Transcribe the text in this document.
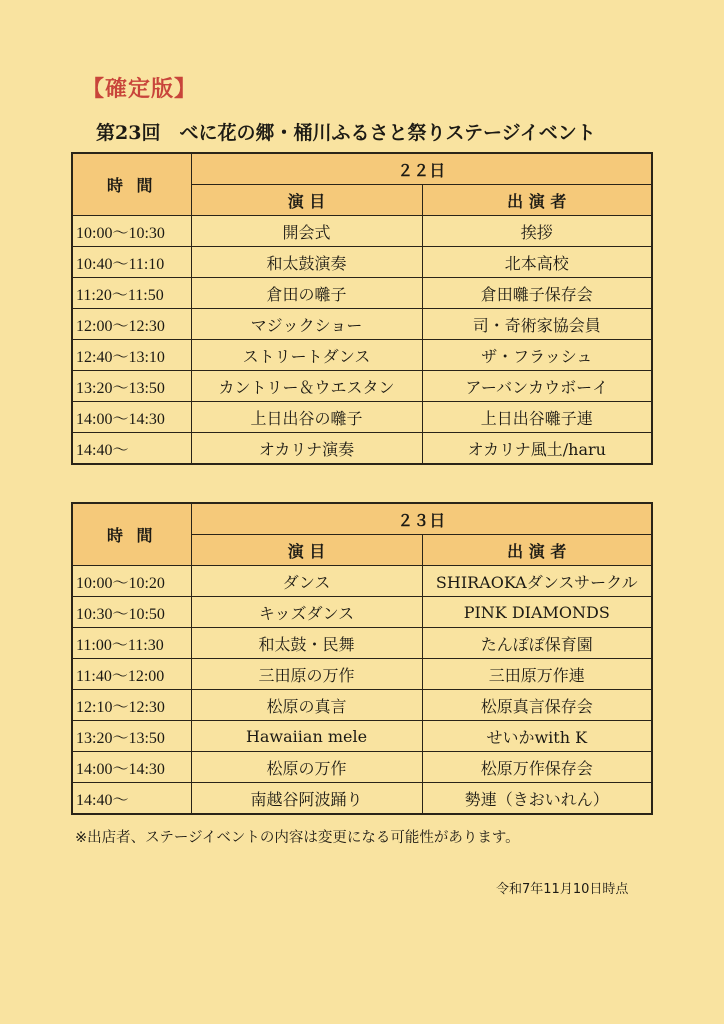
【確定版】
第23回　べに花の郷・桶川ふるさと祭りステージイベント
時 間	２２日	
	演 目	出 演 者
10:00～10:30	開会式	挨拶
10:40～11:10	和太鼓演奏	北本高校
11:20～11:50	倉田の囃子	倉田囃子保存会
12:00～12:30	マジックショー	司・奇術家協会員
12:40～13:10	ストリートダンス	ザ・フラッシュ
13:20～13:50	カントリー＆ウエスタン	アーバンカウボーイ
14:00～14:30	上日出谷の囃子	上日出谷囃子連
14:40～	オカリナ演奏	オカリナ風土/haru
時 間	２３日	
	演 目	出 演 者
10:00～10:20	ダンス	SHIRAOKAダンスサークル
10:30～10:50	キッズダンス	PINK DIAMONDS
11:00～11:30	和太鼓・民舞	たんぽぽ保育園
11:40～12:00	三田原の万作	三田原万作連
12:10～12:30	松原の真言	松原真言保存会
13:20～13:50	Hawaiian mele	せいかwith K
14:00～14:30	松原の万作	松原万作保存会
14:40～	南越谷阿波踊り	勢連（きおいれん）
※出店者、ステージイベントの内容は変更になる可能性があります。
令和7年11月10日時点
